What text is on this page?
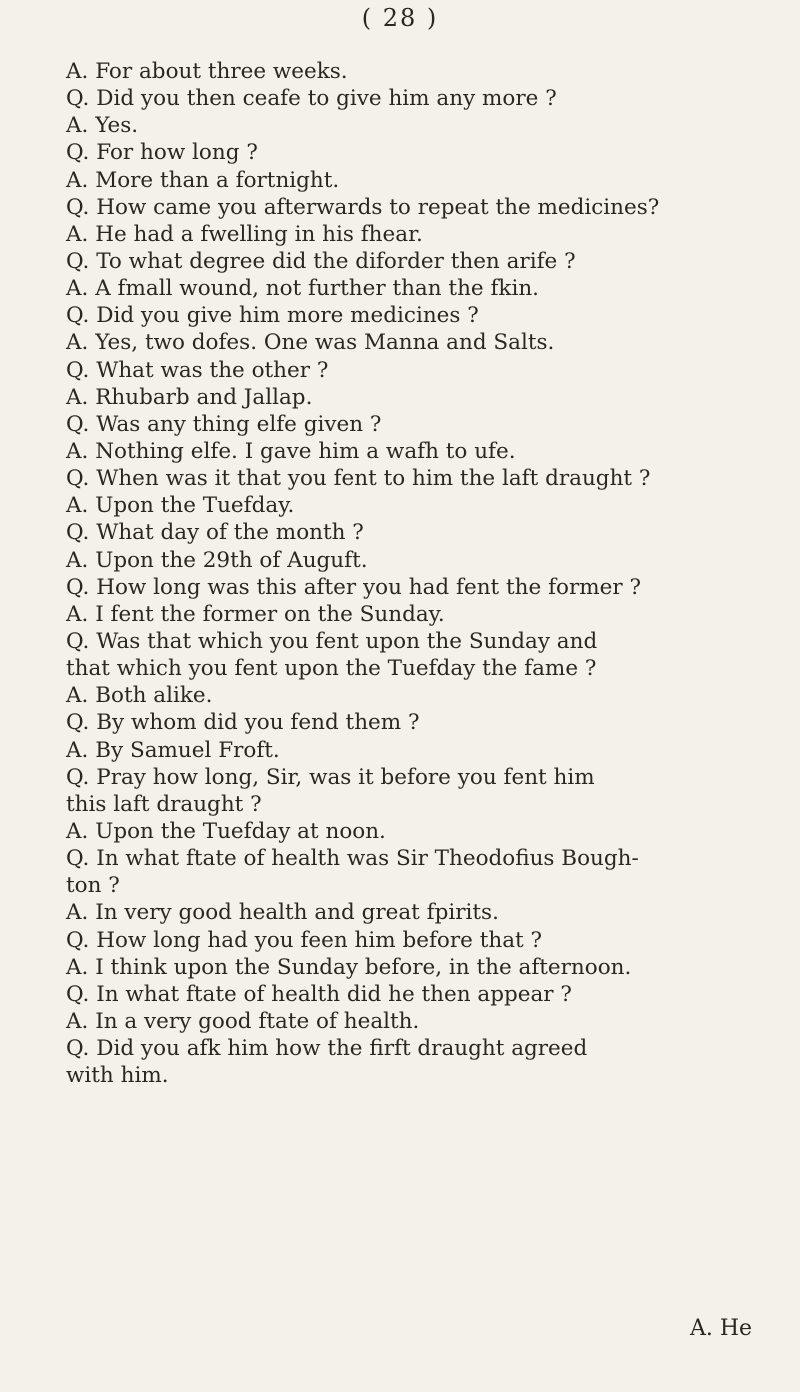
( 28 )
A. For about three weeks.
Q. Did you then ceafe to give him any more ?
A. Yes.
Q. For how long ?
A. More than a fortnight.
Q. How came you afterwards to repeat the medicines?
A. He had a fwelling in his fhear.
Q. To what degree did the diforder then arife ?
A. A fmall wound, not further than the fkin.
Q. Did you give him more medicines ?
A. Yes, two dofes. One was Manna and Salts.
Q. What was the other ?
A. Rhubarb and Jallap.
Q. Was any thing elfe given ?
A. Nothing elfe. I gave him a wafh to ufe.
Q. When was it that you fent to him the laft draught ?
A. Upon the Tuefday.
Q. What day of the month ?
A. Upon the 29th of Auguft.
Q. How long was this after you had fent the former ?
A. I fent the former on the Sunday.
Q. Was that which you fent upon the Sunday and
that which you fent upon the Tuefday the fame ?
A. Both alike.
Q. By whom did you fend them ?
A. By Samuel Froft.
Q. Pray how long, Sir, was it before you fent him
this laft draught ?
A. Upon the Tuefday at noon.
Q. In what ftate of health was Sir Theodofius Bough-
ton ?
A. In very good health and great fpirits.
Q. How long had you feen him before that ?
A. I think upon the Sunday before, in the afternoon.
Q. In what ftate of health did he then appear ?
A. In a very good ftate of health.
Q. Did you afk him how the firft draught agreed
with him.
A. He
